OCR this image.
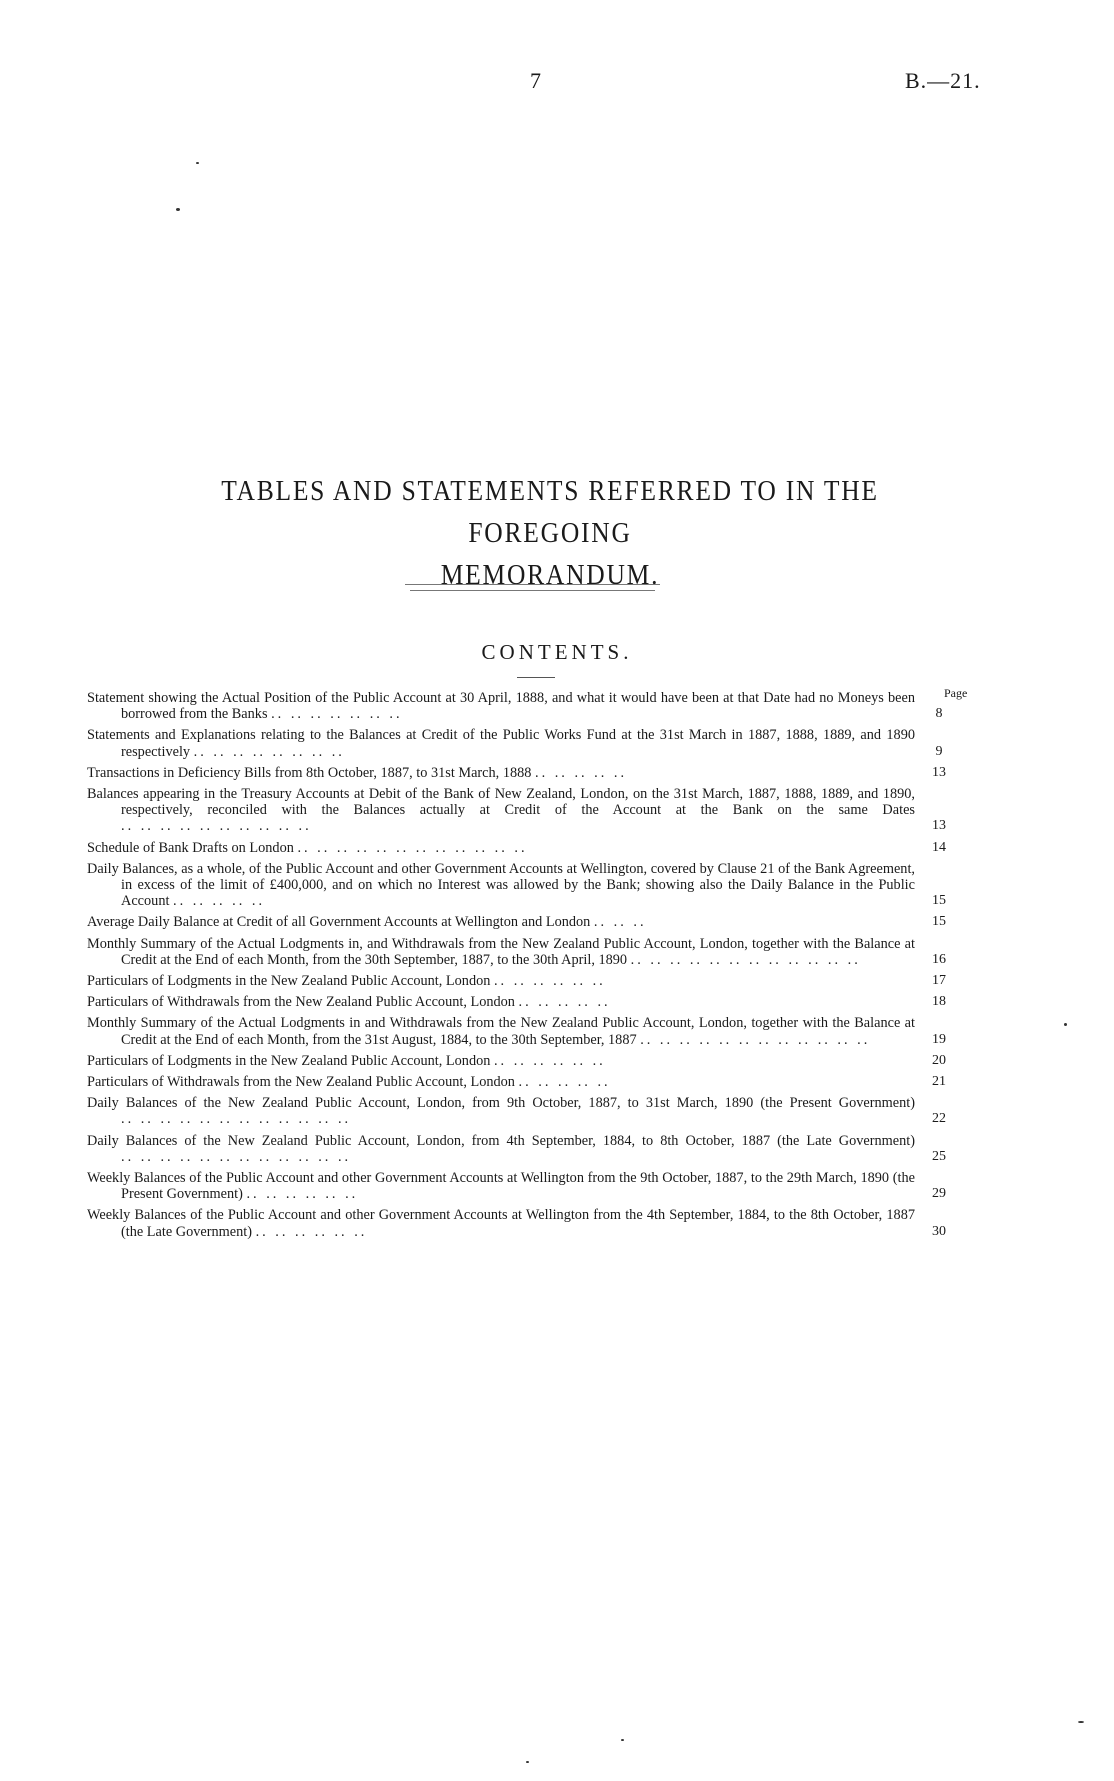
7	B.—21.
TABLES AND STATEMENTS REFERRED TO IN THE FOREGOING
MEMORANDUM.
CONTENTS.
Page
Statement showing the Actual Position of the Public Account at 30 April, 1888, and what it would have been at that Date had no Moneys been borrowed from the Banks .. .. .. .. .. .. ..	8
Statements and Explanations relating to the Balances at Credit of the Public Works Fund at the 31st March in 1887, 1888, 1889, and 1890 respectively .. .. .. .. .. .. .. ..	9
Transactions in Deficiency Bills from 8th October, 1887, to 31st March, 1888 .. .. .. .. ..	13
Balances appearing in the Treasury Accounts at Debit of the Bank of New Zealand, London, on the 31st March, 1887, 1888, 1889, and 1890, respectively, reconciled with the Balances actually at Credit of the Account at the Bank on the same Dates .. .. .. .. .. .. .. .. .. ..	13
Schedule of Bank Drafts on London .. .. .. .. .. .. .. .. .. .. .. ..	14
Daily Balances, as a whole, of the Public Account and other Government Accounts at Wellington, covered by Clause 21 of the Bank Agreement, in excess of the limit of £400,000, and on which no Interest was allowed by the Bank; showing also the Daily Balance in the Public Account .. .. .. .. ..	15
Average Daily Balance at Credit of all Government Accounts at Wellington and London .. .. ..	15
Monthly Summary of the Actual Lodgments in, and Withdrawals from the New Zealand Public Account, London, together with the Balance at Credit at the End of each Month, from the 30th September, 1887, to the 30th April, 1890 .. .. .. .. .. .. .. .. .. .. .. ..	16
Particulars of Lodgments in the New Zealand Public Account, London .. .. .. .. .. ..	17
Particulars of Withdrawals from the New Zealand Public Account, London .. .. .. .. ..	18
Monthly Summary of the Actual Lodgments in and Withdrawals from the New Zealand Public Account, London, together with the Balance at Credit at the End of each Month, from the 31st August, 1884, to the 30th September, 1887 .. .. .. .. .. .. .. .. .. .. .. ..	19
Particulars of Lodgments in the New Zealand Public Account, London .. .. .. .. .. ..	20
Particulars of Withdrawals from the New Zealand Public Account, London .. .. .. .. ..	21
Daily Balances of the New Zealand Public Account, London, from 9th October, 1887, to 31st March, 1890 (the Present Government) .. .. .. .. .. .. .. .. .. .. .. ..	22
Daily Balances of the New Zealand Public Account, London, from 4th September, 1884, to 8th October, 1887 (the Late Government) .. .. .. .. .. .. .. .. .. .. .. ..	25
Weekly Balances of the Public Account and other Government Accounts at Wellington from the 9th October, 1887, to the 29th March, 1890 (the Present Government) .. .. .. .. .. ..	29
Weekly Balances of the Public Account and other Government Accounts at Wellington from the 4th September, 1884, to the 8th October, 1887 (the Late Government) .. .. .. .. .. ..	30
